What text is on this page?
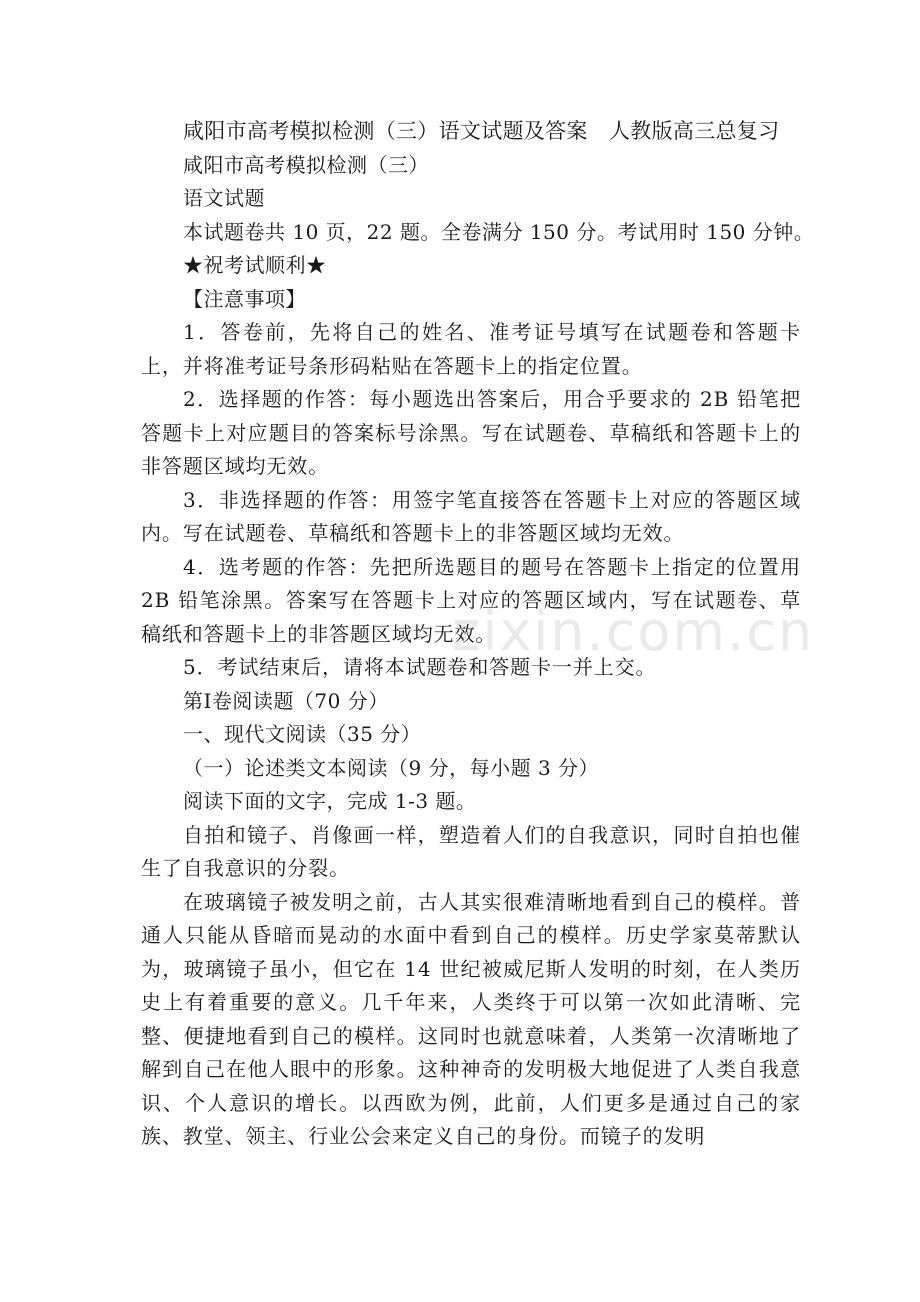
咸阳市高考模拟检测（三）语文试题及答案　人教版高三总复习
咸阳市高考模拟检测（三）
语文试题
本试题卷共 10 页，22 题。全卷满分 150 分。考试用时 150 分钟。
★祝考试顺利★
【注意事项】

1．答卷前，先将自己的姓名、准考证号填写在试题卷和答题卡上，并将准考证号条形码粘贴在答题卡上的指定位置。

2．选择题的作答：每小题选出答案后，用合乎要求的 2B 铅笔把答题卡上对应题目的答案标号涂黑。写在试题卷、草稿纸和答题卡上的非答题区域均无效。

3．非选择题的作答：用签字笔直接答在答题卡上对应的答题区域内。写在试题卷、草稿纸和答题卡上的非答题区域均无效。

4．选考题的作答：先把所选题目的题号在答题卡上指定的位置用 2B 铅笔涂黑。答案写在答题卡上对应的答题区域内，写在试题卷、草稿纸和答题卡上的非答题区域均无效。

5．考试结束后，请将本试题卷和答题卡一并上交。

第Ⅰ卷阅读题（70 分）
一、现代文阅读（35 分）
（一）论述类文本阅读（9 分，每小题 3 分）
阅读下面的文字，完成 1-3 题。

自拍和镜子、肖像画一样，塑造着人们的自我意识，同时自拍也催生了自我意识的分裂。

在玻璃镜子被发明之前，古人其实很难清晰地看到自己的模样。普通人只能从昏暗而晃动的水面中看到自己的模样。历史学家莫蒂默认为，玻璃镜子虽小，但它在 14 世纪被威尼斯人发明的时刻，在人类历史上有着重要的意义。几千年来，人类终于可以第一次如此清晰、完整、便捷地看到自己的模样。这同时也就意味着，人类第一次清晰地了解到自己在他人眼中的形象。这种神奇的发明极大地促进了人类自我意识、个人意识的增长。以西欧为例，此前，人们更多是通过自己的家族、教堂、领主、行业公会来定义自己的身份。而镜子的发明

zixin.com.cn
